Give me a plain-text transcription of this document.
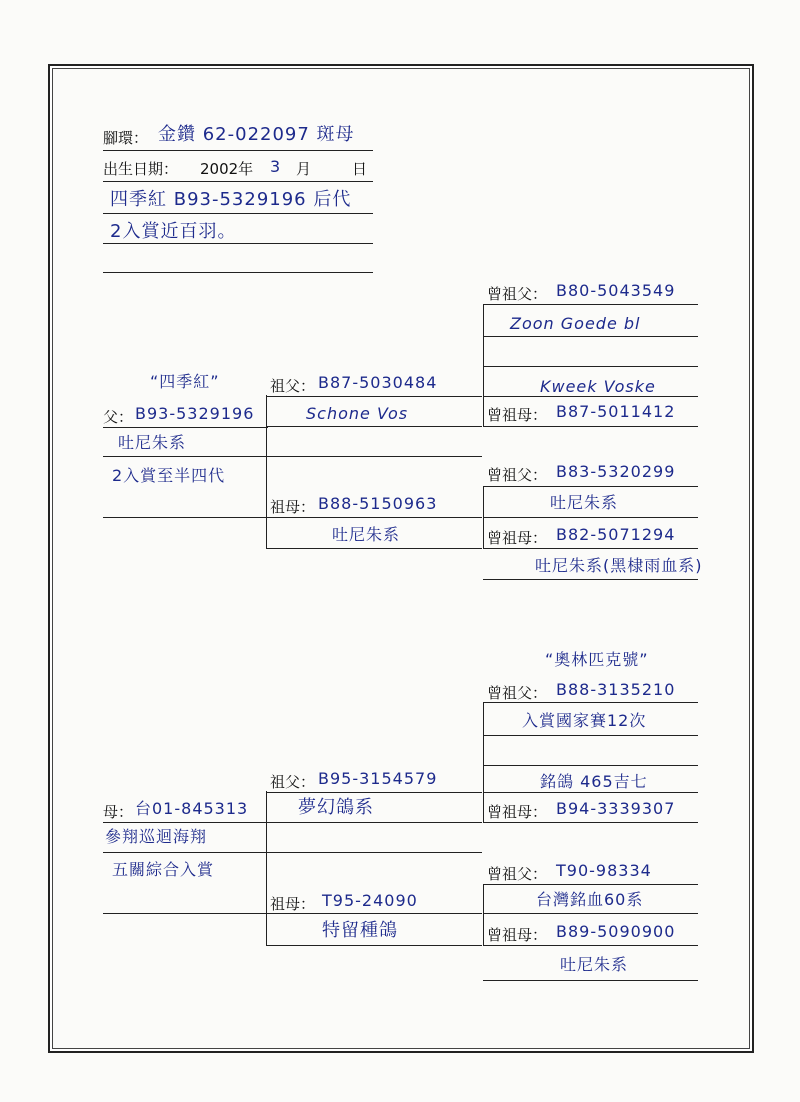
腳環： 金鑽 62-022097 斑母
出生日期： 2002年 3 月	日
四季紅 B93-5329196 后代
2入賞近百羽。
“四季紅”
父： B93-5329196
吐尼朱系
2入賞至半四代
祖父： B87-5030484
Schone Vos
祖母： B88-5150963
吐尼朱系
曾祖父： B80-5043549
Zoon Goede bl
Kweek Voske
曾祖母： B87-5011412
曾祖父： B83-5320299
吐尼朱系
曾祖母： B82-5071294
吐尼朱系(黑棣雨血系)
母： 台01-845313
參翔巡迴海翔
五關綜合入賞
祖父： B95-3154579
夢幻鴿系
祖母： T95-24090
特留種鴿
“奧林匹克號”
曾祖父： B88-3135210
入賞國家賽12次
銘鴿 465吉七
曾祖母： B94-3339307
曾祖父： T90-98334
台灣銘血60系
曾祖母： B89-5090900
吐尼朱系
